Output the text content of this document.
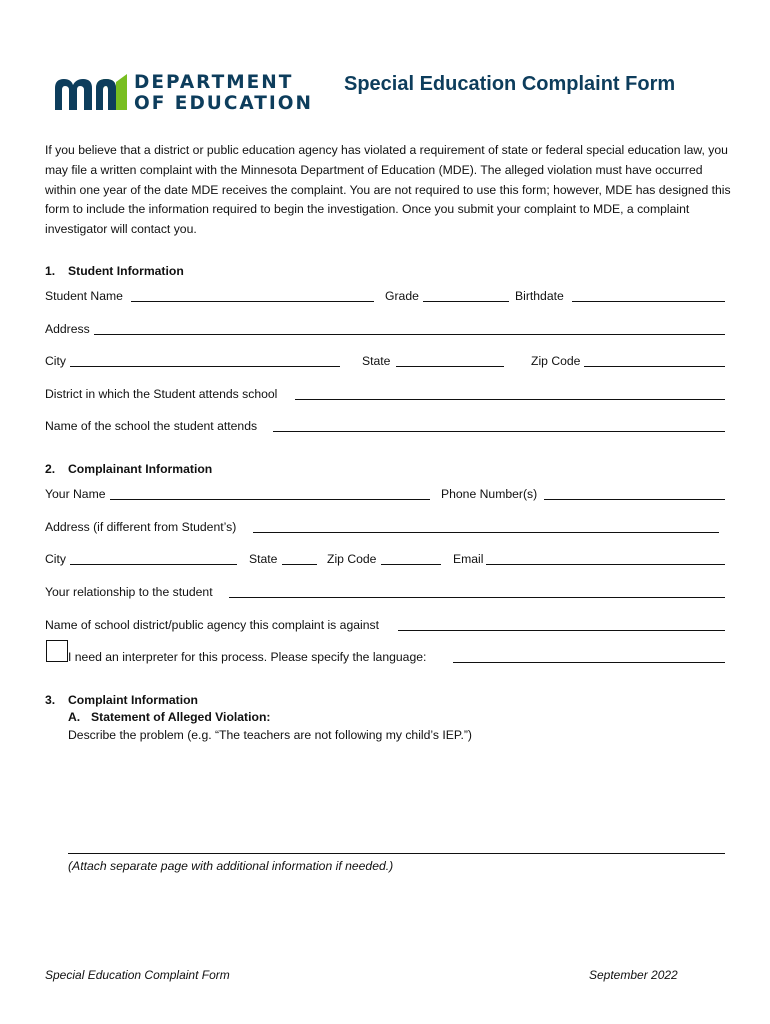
DEPARTMENT
OF EDUCATION
Special Education Complaint Form
If you believe that a district or public education agency has violated a requirement of state or federal special education law, you may file a written complaint with the Minnesota Department of Education (MDE). The alleged violation must have occurred within one year of the date MDE receives the complaint. You are not required to use this form; however, MDE has designed this form to include the information required to begin the investigation. Once you submit your complaint to MDE, a complaint investigator will contact you.
1. Student Information
Student Name	Grade	Birthdate
Address
City	State	Zip Code
District in which the Student attends school
Name of the school the student attends
2. Complainant Information
Your Name	Phone Number(s)
Address (if different from Student’s)
City	State	Zip Code	Email
Your relationship to the student
Name of school district/public agency this complaint is against
I need an interpreter for this process. Please specify the language:
3. Complaint Information
A. Statement of Alleged Violation:
Describe the problem (e.g. “The teachers are not following my child’s IEP.”)
(Attach separate page with additional information if needed.)
Special Education Complaint Form	September 2022
